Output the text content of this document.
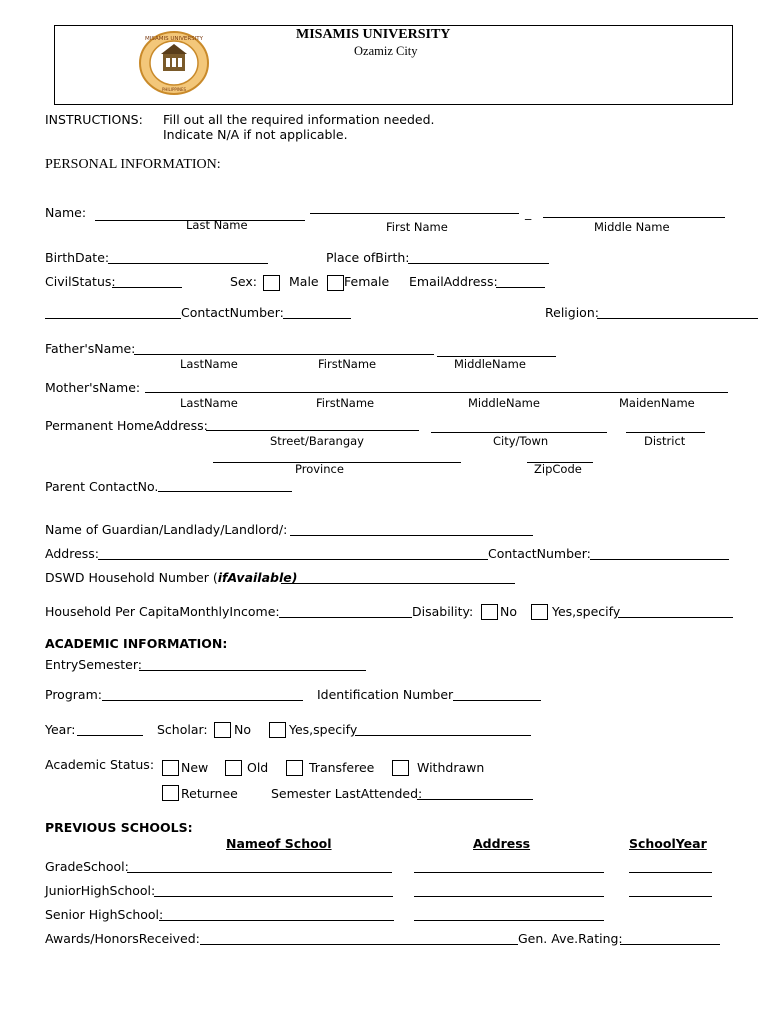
MISAMIS UNIVERSITY
PHILIPPINES
MISAMIS UNIVERSITY
Ozamiz City
INSTRUCTIONS: Fill out all the required information needed.
Indicate N/A if not applicable.
PERSONAL INFORMATION:
Name:	_
Last Name	First Name	Middle Name
BirthDate:	Place ofBirth:
CivilStatus:	Sex:	Male Female EmailAddress:
ContactNumber:	Religion:
Father'sName:
LastName	FirstName	MiddleName
Mother'sName:
LastName	FirstName	MiddleName	MaidenName
Permanent HomeAddress:
Street/Barangay	City/Town	District
Province	ZipCode
Parent ContactNo.
Name of Guardian/Landlady/Landlord/:
Address:	ContactNumber:
DSWD Household Number (ifAvailable)
Household Per CapitaMonthlyIncome:	Disability: No	Yes,specify
ACADEMIC INFORMATION:
EntrySemester:
Program:	Identification Number
Year:	Scholar: No	Yes,specify
Academic Status: New	Old	Transferee	Withdrawn
Returnee	Semester LastAttended:
PREVIOUS SCHOOLS:
Nameof School	Address	SchoolYear
GradeSchool:
JuniorHighSchool:
Senior HighSchool:
Awards/HonorsReceived:	Gen. Ave.Rating:
